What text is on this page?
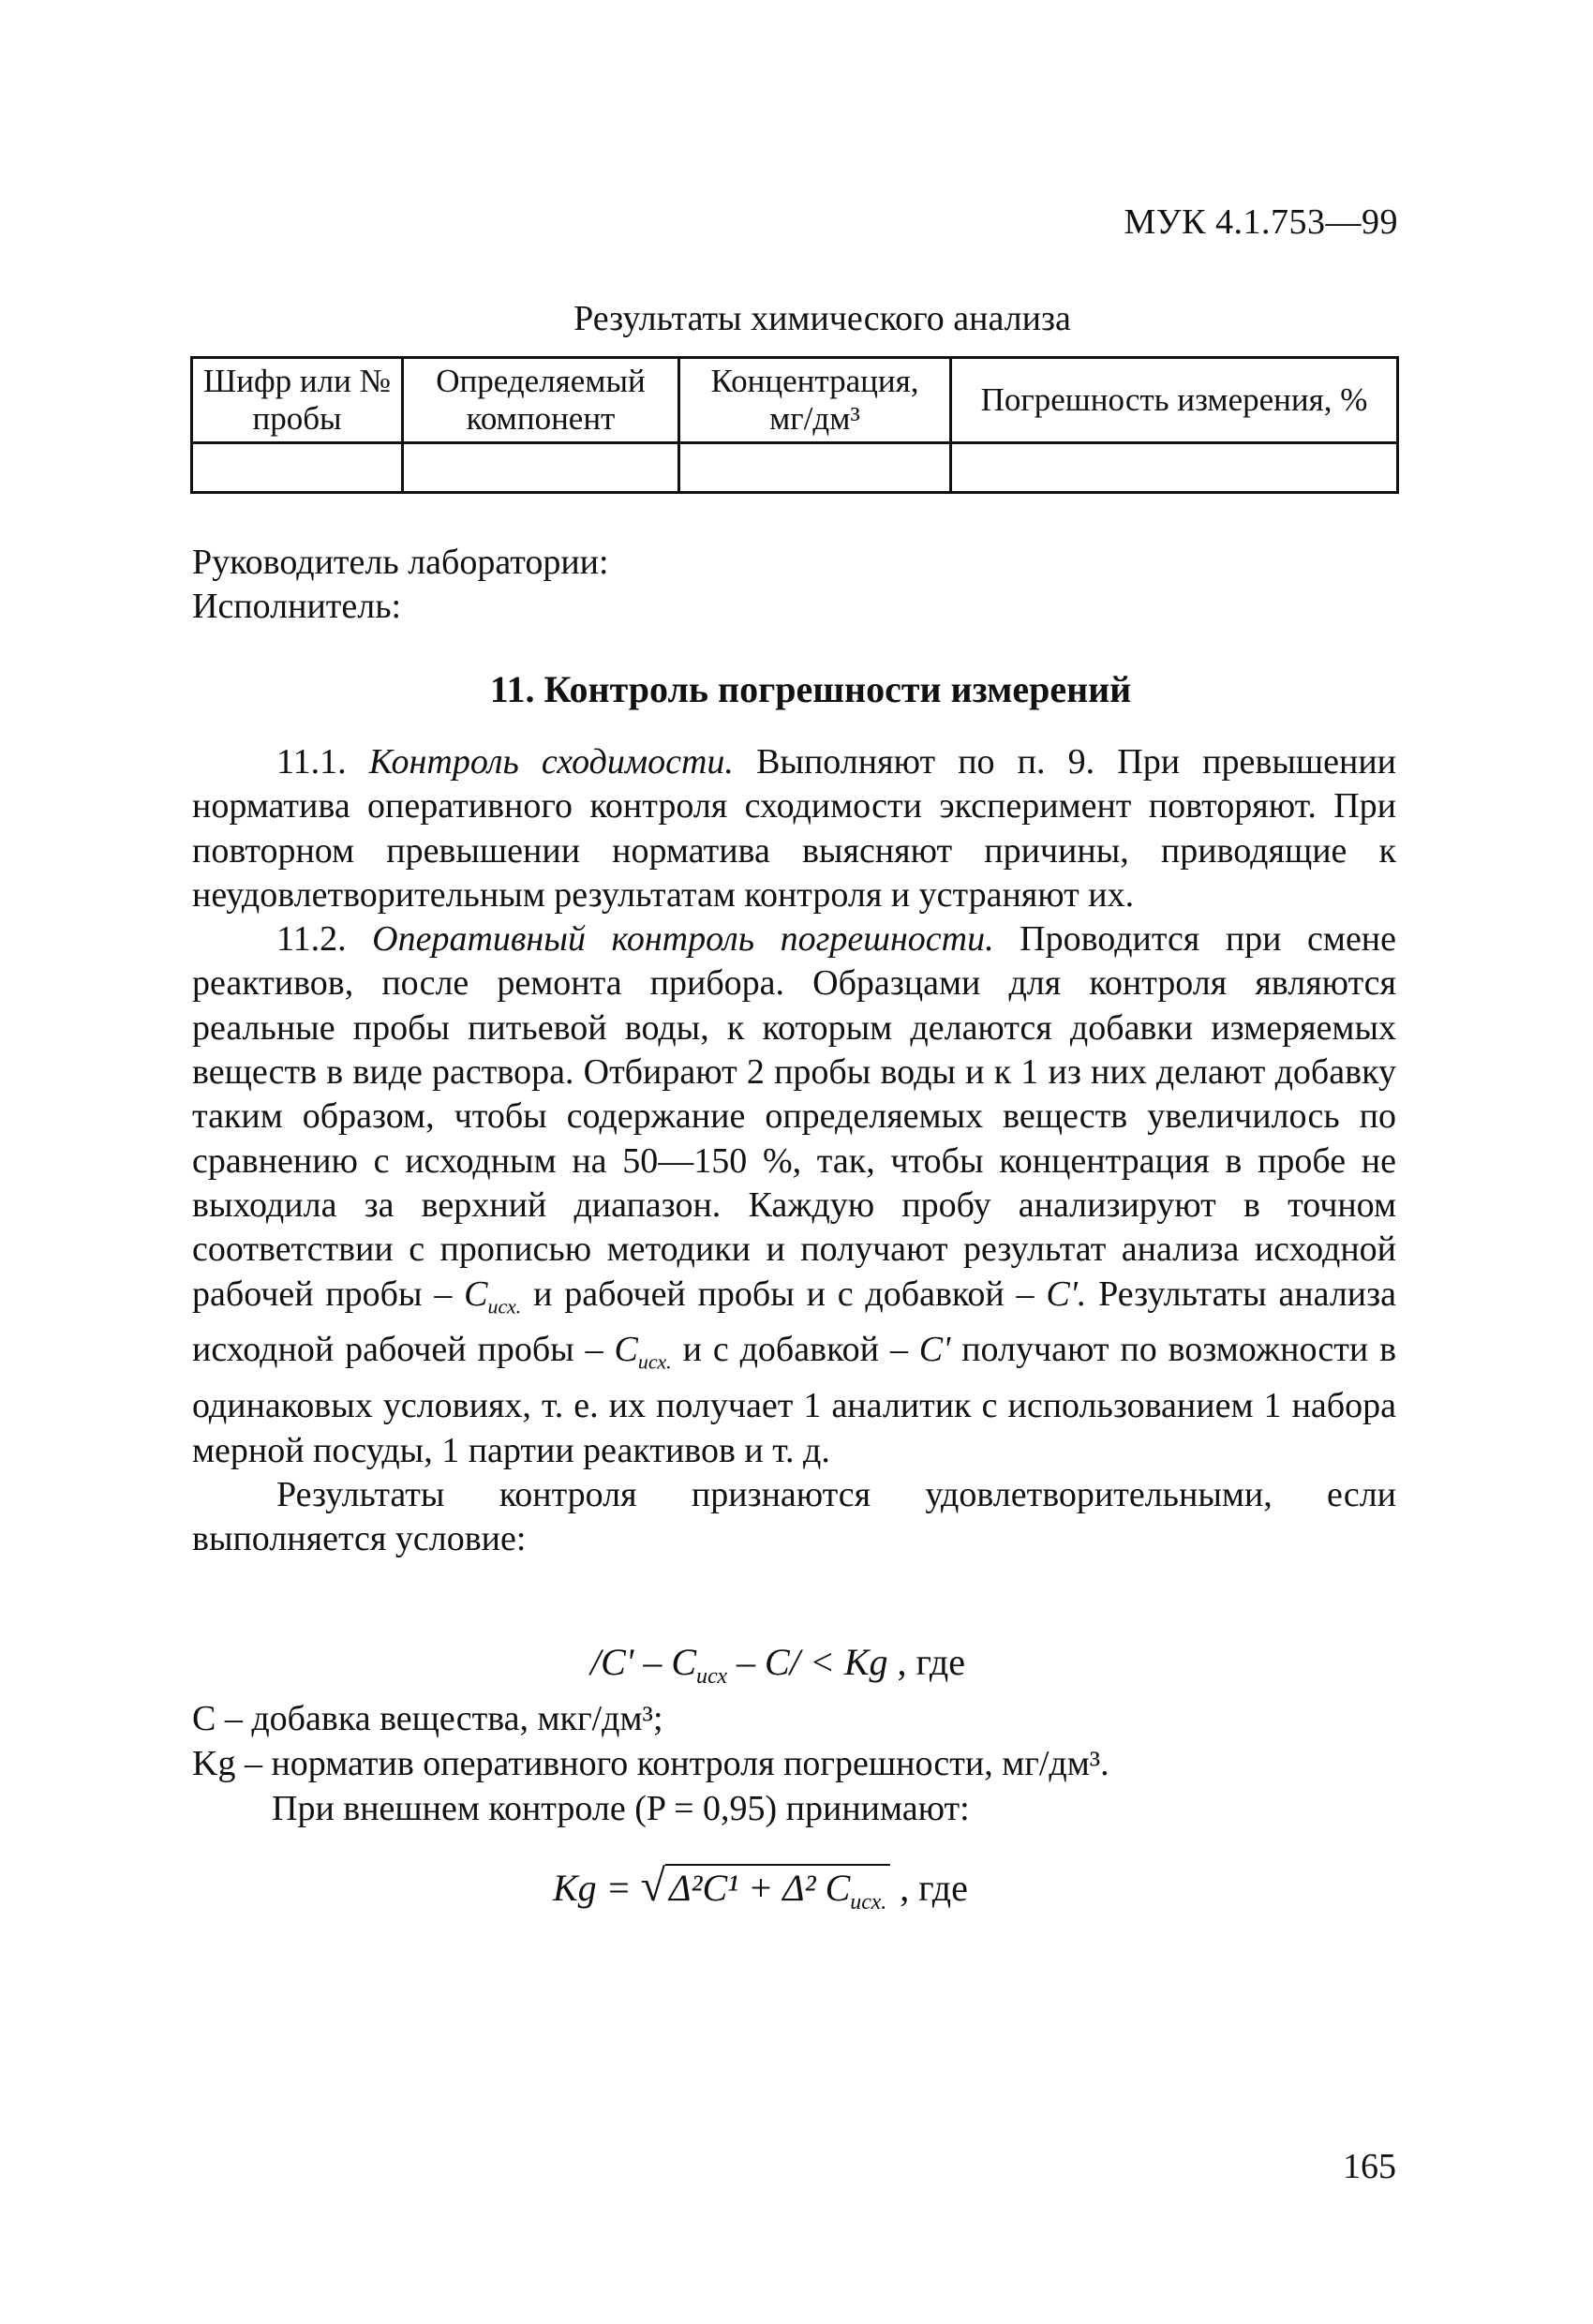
МУК 4.1.753—99
Результаты химического анализа
Шифр или № пробы	Определяемый компонент	Концентрация, мг/дм³	Погрешность измерения, %

Руководитель лаборатории:
Исполнитель:
11. Контроль погрешности измерений

11.1. Контроль сходимости. Выполняют по п. 9. При превышении норматива оперативного контроля сходимости эксперимент повторяют. При повторном превышении норматива выясняют причины, приводящие к неудовлетворительным результатам контроля и устраняют их.

11.2. Оперативный контроль погрешности. Проводится при смене реактивов, после ремонта прибора. Образцами для контроля являются реальные пробы питьевой воды, к которым делаются добавки измеряемых веществ в виде раствора. Отбирают 2 пробы воды и к 1 из них делают добавку таким образом, чтобы содержание определяемых веществ увеличилось по сравнению с исходным на 50—150 %, так, чтобы концентрация в пробе не выходила за верхний диапазон. Каждую пробу анализируют в точном соответствии с прописью методики и получают результат анализа исходной рабочей пробы – $C_{исх.}$ и рабочей пробы и с добавкой – C'. Результаты анализа исходной рабочей пробы – $C_{исх.}$ и с добавкой – C' получают по возможности в одинаковых условиях, т. е. их получает 1 аналитик с использованием 1 набора мерной посуды, 1 партии реактивов и т. д.

Результаты контроля признаются удовлетворительными, если выполняется условие:

$/C' - C_{исх} - C/ < Kg$ , где
C – добавка вещества, мкг/дм³;
Kg – норматив оперативного контроля погрешности, мг/дм³.
При внешнем контроле (P = 0,95) принимают:
Kg = √ Δ²C¹ + Δ² $C_{исх.}$ , где
165
